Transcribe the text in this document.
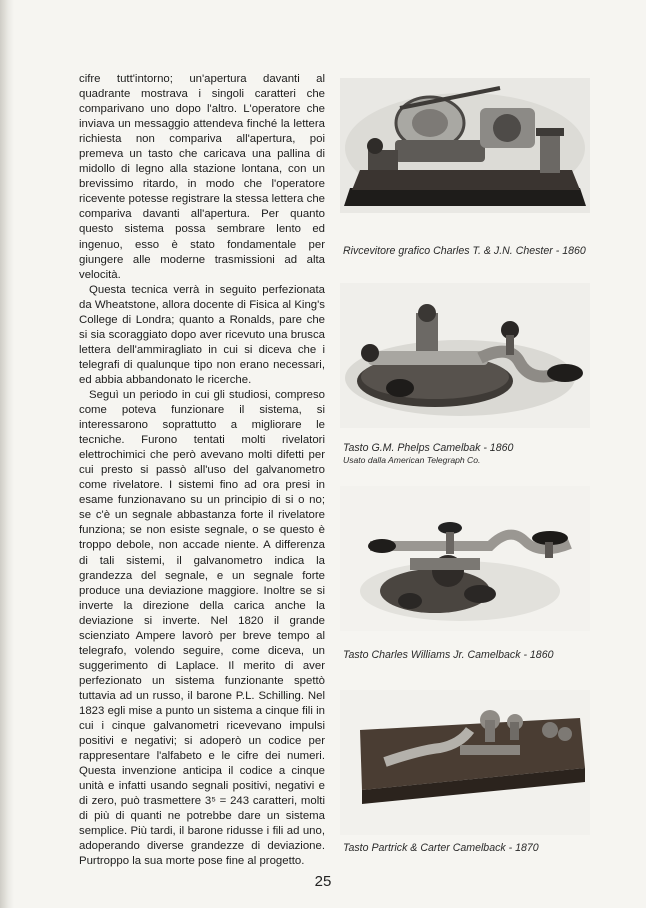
cifre tutt'intorno; un'apertura davanti al quadrante mostrava i singoli caratteri che comparivano uno dopo l'altro. L'operatore che inviava un messaggio attendeva finché la lettera richiesta non compariva all'apertura, poi premeva un tasto che caricava una pallina di midollo di legno alla stazione lontana, con un brevissimo ritardo, in modo che l'operatore ricevente potesse registrare la stessa lettera che compariva davanti all'apertura. Per quanto questo sistema possa sembrare lento ed ingenuo, esso è stato fondamentale per giungere alle moderne trasmissioni ad alta velocità.

Questa tecnica verrà in seguito perfezionata da Wheatstone, allora docente di Fisica al King's College di Londra; quanto a Ronalds, pare che si sia scoraggiato dopo aver ricevuto una brusca lettera dell'ammiragliato in cui si diceva che i telegrafi di qualunque tipo non erano necessari, ed abbia abbandonato le ricerche.

Seguì un periodo in cui gli studiosi, compreso come poteva funzionare il sistema, si interessarono soprattutto a migliorare le tecniche. Furono tentati molti rivelatori elettrochimici che però avevano molti difetti per cui presto si passò all'uso del galvanometro come rivelatore. I sistemi fino ad ora presi in esame funzionavano su un principio di si o no; se c'è un segnale abbastanza forte il rivelatore funziona; se non esiste segnale, o se questo è troppo debole, non accade niente. A differenza di tali sistemi, il galvanometro indica la grandezza del segnale, e un segnale forte produce una deviazione maggiore. Inoltre se si inverte la direzione della carica anche la deviazione si inverte. Nel 1820 il grande scienziato Ampere lavorò per breve tempo al telegrafo, volendo seguire, come diceva, un suggerimento di Laplace. Il merito di aver perfezionato un sistema funzionante spettò tuttavia ad un russo, il barone P.L. Schilling. Nel 1823 egli mise a punto un sistema a cinque fili in cui i cinque galvanometri ricevevano impulsi positivi e negativi; si adoperò un codice per rappresentare l'alfabeto e le cifre dei numeri. Questa invenzione anticipa il codice a cinque unità e infatti usando segnali positivi, negativi e di zero, può trasmettere 3⁵ = 243 caratteri, molti di più di quanti ne potrebbe dare un sistema semplice. Più tardi, il barone ridusse i fili ad uno, adoperando diverse grandezze di deviazione. Purtroppo la sua morte pose fine al progetto.

Rivcevitore grafico Charles T. & J.N. Chester - 1860
Tasto G.M. Phelps Camelbak - 1860
Usato dalla American Telegraph Co.
Tasto Charles Williams Jr. Camelback - 1860
Tasto Partrick & Carter Camelback - 1870
25
